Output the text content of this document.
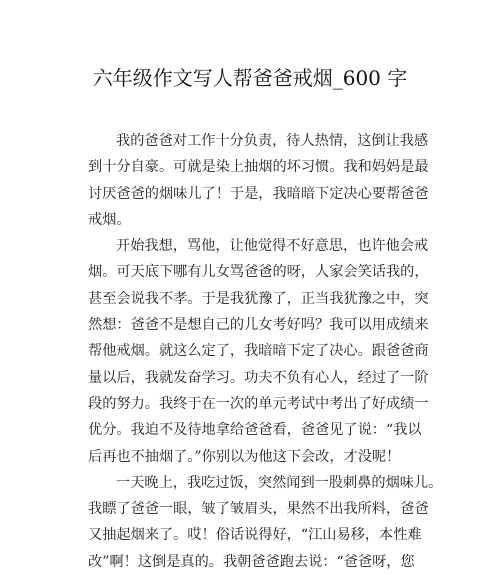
六年级作文写人帮爸爸戒烟_600 字
我的爸爸对工作十分负责，待人热情，这倒让我感
到十分自豪。可就是染上抽烟的坏习惯。我和妈妈是最
讨厌爸爸的烟味儿了！于是，我暗暗下定决心要帮爸爸
戒烟。
开始我想，骂他，让他觉得不好意思，也许他会戒
烟。可天底下哪有儿女骂爸爸的呀，人家会笑话我的，
甚至会说我不孝。于是我犹豫了，正当我犹豫之中，突
然想：爸爸不是想自己的儿女考好吗？我可以用成绩来
帮他戒烟。就这么定了，我暗暗下定了决心。跟爸爸商
量以后，我就发奋学习。功夫不负有心人，经过了一阶
段的努力。我终于在一次的单元考试中考出了好成绩一
优分。我迫不及待地拿给爸爸看，爸爸见了说：“我以
后再也不抽烟了。”你别以为他这下会改，才没呢！
一天晚上，我吃过饭，突然闻到一股刺鼻的烟味儿。
我瞟了爸爸一眼，皱了皱眉头，果然不出我所料，爸爸
又抽起烟来了。哎！俗话说得好，“江山易移，本性难
改”啊！这倒是真的。我朝爸爸跑去说：“爸爸呀，您
